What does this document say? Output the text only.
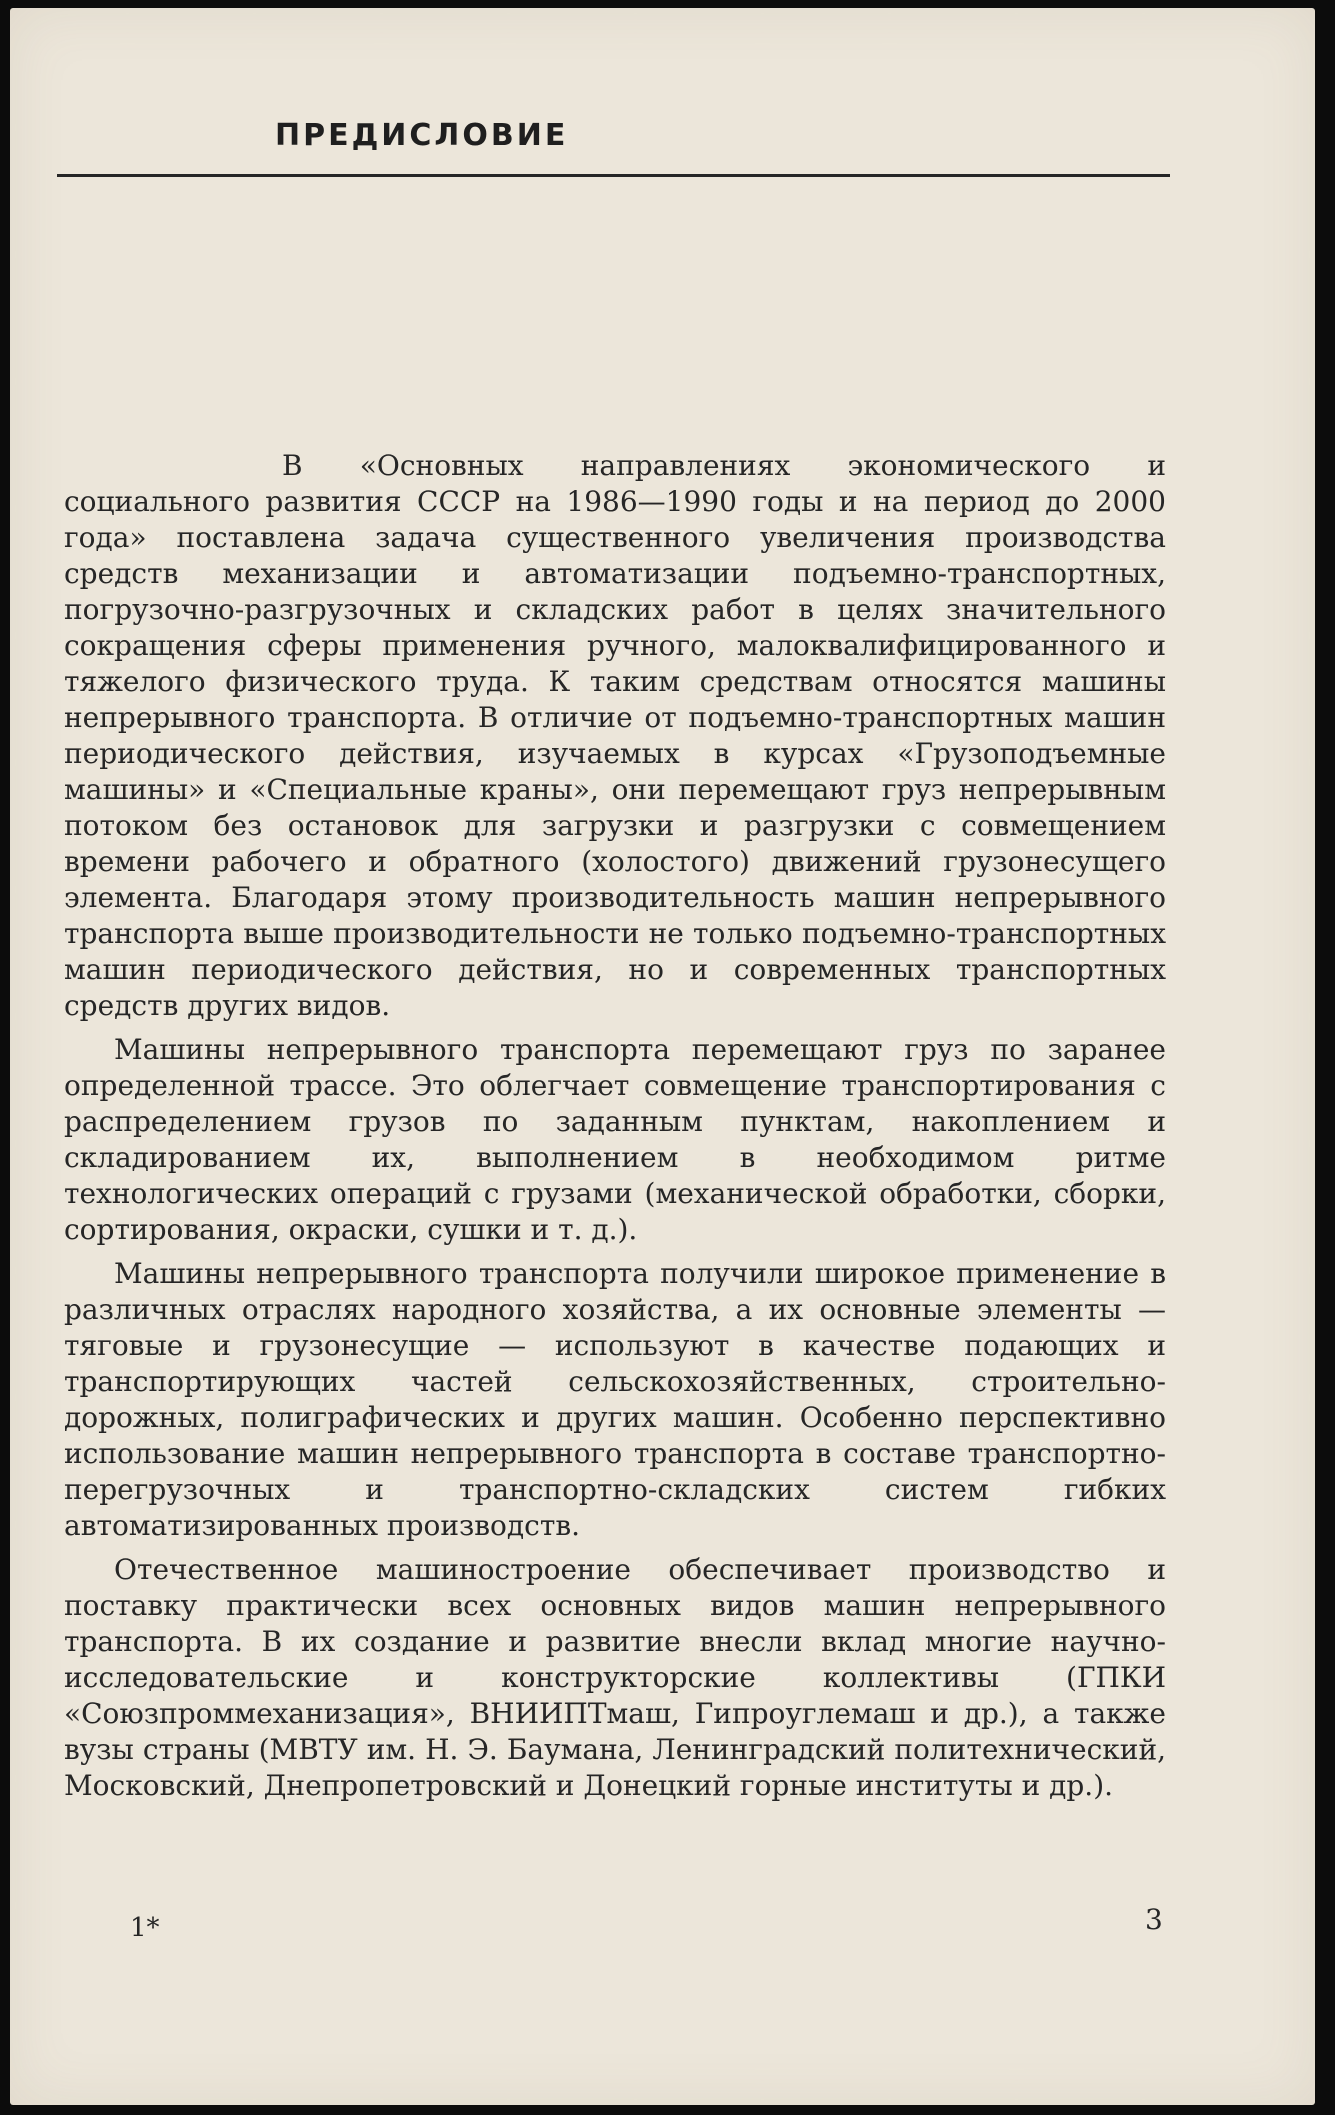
ПРЕДИСЛОВИЕ

В «Основных направлениях экономического и социального развития СССР на 1986—1990 годы и на период до 2000 года» поставлена задача существенного увеличения производства средств механизации и автоматизации подъемно-транспортных, погрузочно-разгрузочных и складских работ в целях значительного сокращения сферы применения ручного, малоквалифицированного и тяжелого физического труда. К таким средствам относятся машины непрерывного транспорта. В отличие от подъемно-транспортных машин периодического действия, изучаемых в курсах «Грузоподъемные машины» и «Специальные краны», они перемещают груз непрерывным потоком без остановок для загрузки и разгрузки с совмещением времени рабочего и обратного (холостого) движений грузонесущего элемента. Благодаря этому производительность машин непрерывного транспорта выше производительности не только подъемно-транспортных машин периодического действия, но и современных транспортных средств других видов.

Машины непрерывного транспорта перемещают груз по заранее определенной трассе. Это облегчает совмещение транспортирования с распределением грузов по заданным пунктам, накоплением и складированием их, выполнением в необходимом ритме технологических операций с грузами (механической обработки, сборки, сортирования, окраски, сушки и т. д.).

Машины непрерывного транспорта получили широкое применение в различных отраслях народного хозяйства, а их основные элементы — тяговые и грузонесущие — используют в качестве подающих и транспортирующих частей сельскохозяйственных, строительно-дорожных, полиграфических и других машин. Особенно перспективно использование машин непрерывного транспорта в составе транспортно-перегрузочных и транспортно-складских систем гибких автоматизированных производств.

Отечественное машиностроение обеспечивает производство и поставку практически всех основных видов машин непрерывного транспорта. В их создание и развитие внесли вклад многие научно-исследовательские и конструкторские коллективы (ГПКИ «Союзпроммеханизация», ВНИИПТмаш, Гипроуглемаш и др.), а также вузы страны (МВТУ им. Н. Э. Баумана, Ленинградский политехнический, Московский, Днепропетровский и Донецкий горные институты и др.).

1*	3
